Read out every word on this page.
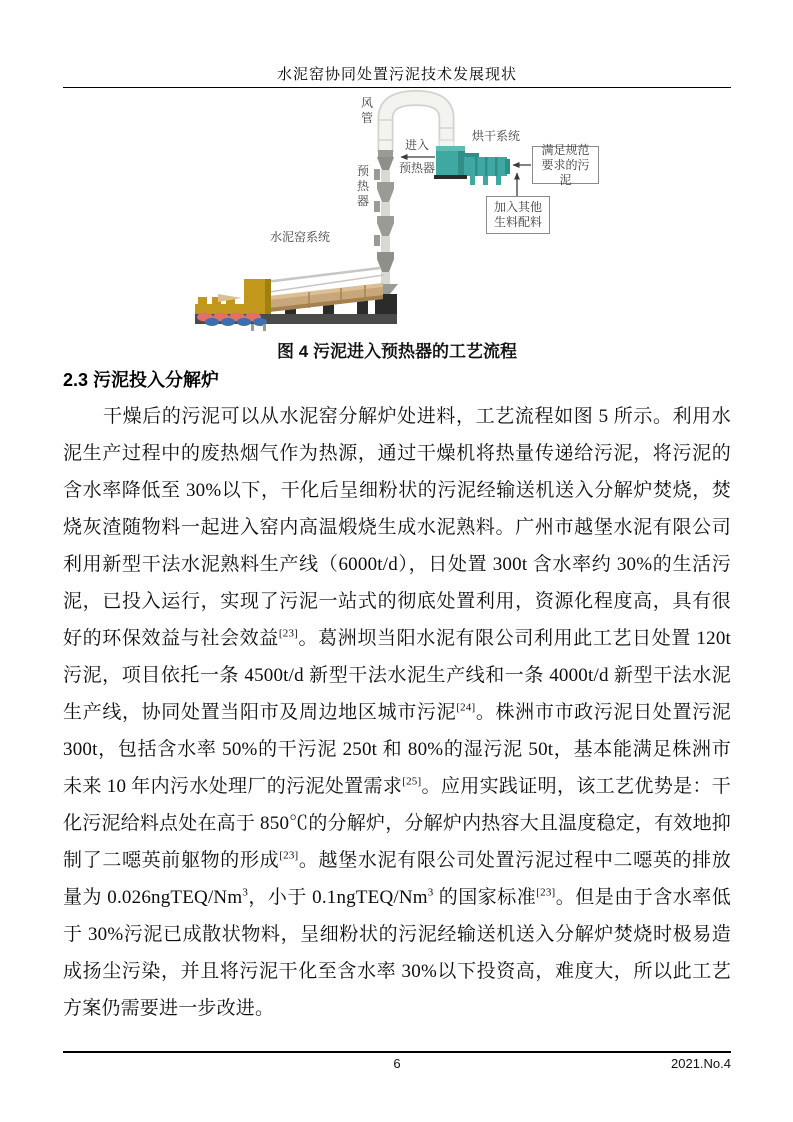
水泥窑协同处置污泥技术发展现状
风管
进入
预热器
烘干系统
预热器
水泥窑系统
满足规范要求的污泥
加入其他生料配料
图 4 污泥进入预热器的工艺流程
2.3 污泥投入分解炉
干燥后的污泥可以从水泥窑分解炉处进料，工艺流程如图 5 所示。利用水泥生产过程中的废热烟气作为热源，通过干燥机将热量传递给污泥，将污泥的含水率降低至 30%以下，干化后呈细粉状的污泥经输送机送入分解炉焚烧，焚烧灰渣随物料一起进入窑内高温煅烧生成水泥熟料。广州市越堡水泥有限公司利用新型干法水泥熟料生产线（6000t/d），日处置 300t 含水率约 30%的生活污泥，已投入运行，实现了污泥一站式的彻底处置利用，资源化程度高，具有很好的环保效益与社会效益[23]。葛洲坝当阳水泥有限公司利用此工艺日处置 120t 污泥，项目依托一条 4500t/d 新型干法水泥生产线和一条 4000t/d 新型干法水泥生产线，协同处置当阳市及周边地区城市污泥[24]。株洲市市政污泥日处置污泥 300t，包括含水率 50%的干污泥 250t 和 80%的湿污泥 50t，基本能满足株洲市未来 10 年内污水处理厂的污泥处置需求[25]。应用实践证明，该工艺优势是：干化污泥给料点处在高于 850℃的分解炉，分解炉内热容大且温度稳定，有效地抑制了二噁英前躯物的形成[23]。越堡水泥有限公司处置污泥过程中二噁英的排放量为 0.026ngTEQ/Nm$^3$，小于 0.1ngTEQ/Nm$^3$ 的国家标准[23]。但是由于含水率低于 30%污泥已成散状物料，呈细粉状的污泥经输送机送入分解炉焚烧时极易造成扬尘污染，并且将污泥干化至含水率 30%以下投资高，难度大，所以此工艺方案仍需要进一步改进。
6	2021.No.4
